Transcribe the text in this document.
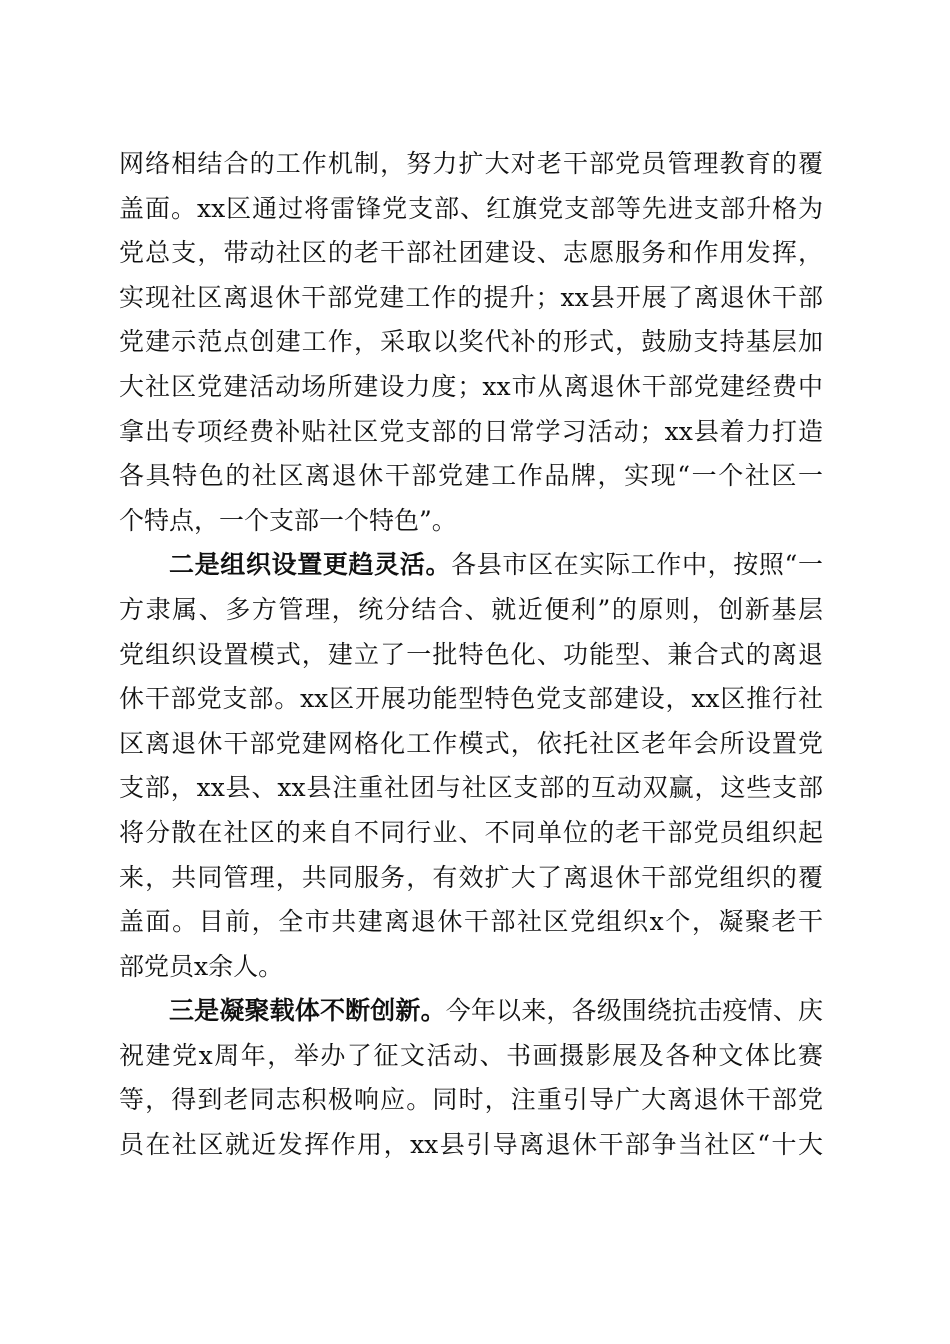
网络相结合的工作机制，努力扩大对老干部党员管理教育的覆
盖面。xx区通过将雷锋党支部、红旗党支部等先进支部升格为
党总支，带动社区的老干部社团建设、志愿服务和作用发挥，
实现社区离退休干部党建工作的提升；xx县开展了离退休干部
党建示范点创建工作，采取以奖代补的形式，鼓励支持基层加
大社区党建活动场所建设力度；xx市从离退休干部党建经费中
拿出专项经费补贴社区党支部的日常学习活动；xx县着力打造
各具特色的社区离退休干部党建工作品牌，实现“一个社区一
个特点，一个支部一个特色”。
二是组织设置更趋灵活。各县市区在实际工作中，按照“一
方隶属、多方管理，统分结合、就近便利”的原则，创新基层
党组织设置模式，建立了一批特色化、功能型、兼合式的离退
休干部党支部。xx区开展功能型特色党支部建设，xx区推行社
区离退休干部党建网格化工作模式，依托社区老年会所设置党
支部，xx县、xx县注重社团与社区支部的互动双赢，这些支部
将分散在社区的来自不同行业、不同单位的老干部党员组织起
来，共同管理，共同服务，有效扩大了离退休干部党组织的覆
盖面。目前，全市共建离退休干部社区党组织x个，凝聚老干
部党员x余人。
三是凝聚载体不断创新。今年以来，各级围绕抗击疫情、庆
祝建党x周年，举办了征文活动、书画摄影展及各种文体比赛
等，得到老同志积极响应。同时，注重引导广大离退休干部党
员在社区就近发挥作用，xx县引导离退休干部争当社区“十大
